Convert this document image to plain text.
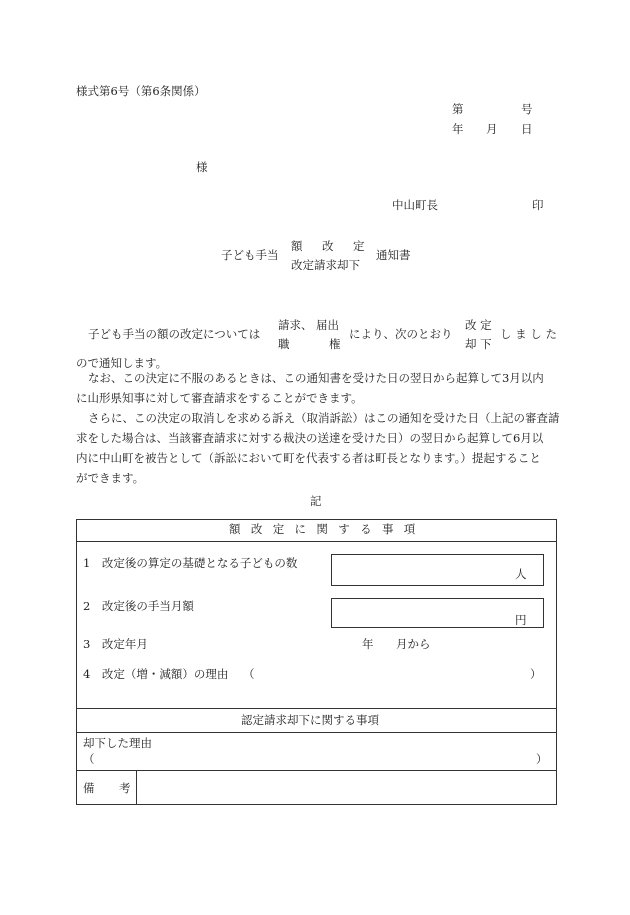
様式第6号（第6条関係）
第	号
年 月 日
様
中山町長	印
子ども手当
額 改 定
改定請求却下
通知書
子ども手当の額の改定については
請求、 届出
職	権
により、次のとおり
改 定
却 下
し ま し た
ので通知します。
なお、この決定に不服のあるときは、この通知書を受けた日の翌日から起算して3月以内
に山形県知事に対して審査請求をすることができます。
さらに、この決定の取消しを求める訴え（取消訴訟）はこの通知を受けた日（上記の審査請
求をした場合は、当該審査請求に対する裁決の送達を受けた日）の翌日から起算して6月以
内に中山町を被告として（訴訟において町を代表する者は町長となります。）提起すること
ができます。
記
額改定に関する事項
1　改定後の算定の基礎となる子どもの数
人
2　改定後の手当月額
円
3　改定年月	年 月から
4　改定（増・減額）の理由 （	）
認定請求却下に関する事項
却下した理由
（	）
備 考
